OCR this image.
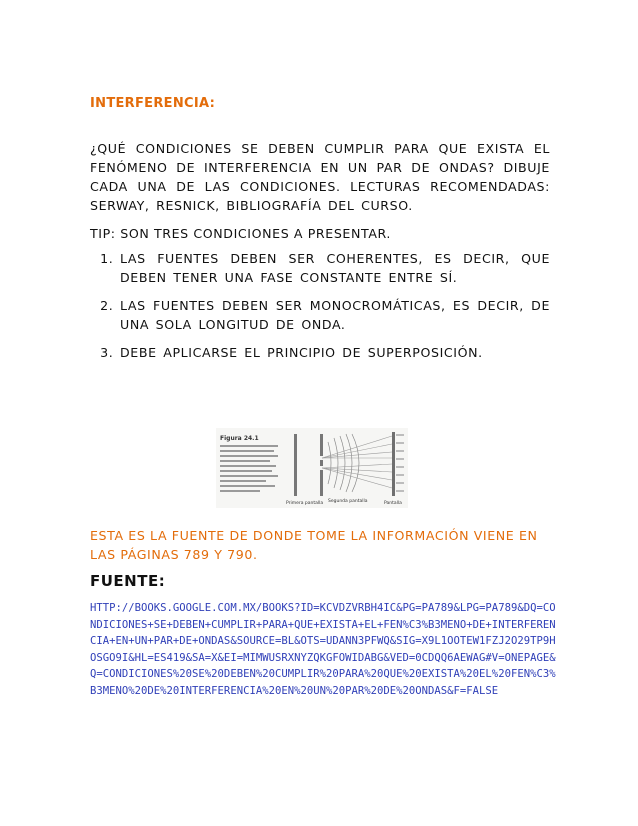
INTERFERENCIA:

¿QUÉ CONDICIONES SE DEBEN CUMPLIR PARA QUE EXISTA EL FENÓMENO DE INTERFERENCIA EN UN PAR DE ONDAS? DIBUJE CADA UNA DE LAS CONDICIONES. LECTURAS RECOMENDADAS: SERWAY, RESNICK, BIBLIOGRAFÍA DEL CURSO.
TIP: SON TRES CONDICIONES A PRESENTAR.
1. LAS FUENTES DEBEN SER COHERENTES, ES DECIR, QUE DEBEN TENER UNA FASE CONSTANTE ENTRE SÍ.
2. LAS FUENTES DEBEN SER MONOCROMÁTICAS, ES DECIR, DE UNA SOLA LONGITUD DE ONDA.
3. DEBE APLICARSE EL PRINCIPIO DE SUPERPOSICIÓN.
Figura 24.1
Primera pantalla Segunda pantalla	Pantalla
ESTA ES LA FUENTE DE DONDE TOME LA INFORMACIÓN VIENE EN LAS PÁGINAS 789 Y 790.
FUENTE:
HTTP://BOOKS.GOOGLE.COM.MX/BOOKS?ID=KCVDZVRBH4IC&PG=PA789&LPG=PA789&DQ=CONDICIONES+SE+DEBEN+CUMPLIR+PARA+QUE+EXISTA+EL+FEN%C3%B3MENO+DE+INTERFERENCIA+EN+UN+PAR+DE+ONDAS&SOURCE=BL&OTS=UDANN3PFWQ&SIG=X9L1OOTEW1FZJ2O29TP9HOSGO9I&HL=ES419&SA=X&EI=MIMWUSRXNYZQKGFOWIDABG&VED=0CDQQ6AEWAG#V=ONEPAGE&Q=CONDICIONES%20SE%20DEBEN%20CUMPLIR%20PARA%20QUE%20EXISTA%20EL%20FEN%C3%B3MENO%20DE%20INTERFERENCIA%20EN%20UN%20PAR%20DE%20ONDAS&F=FALSE
